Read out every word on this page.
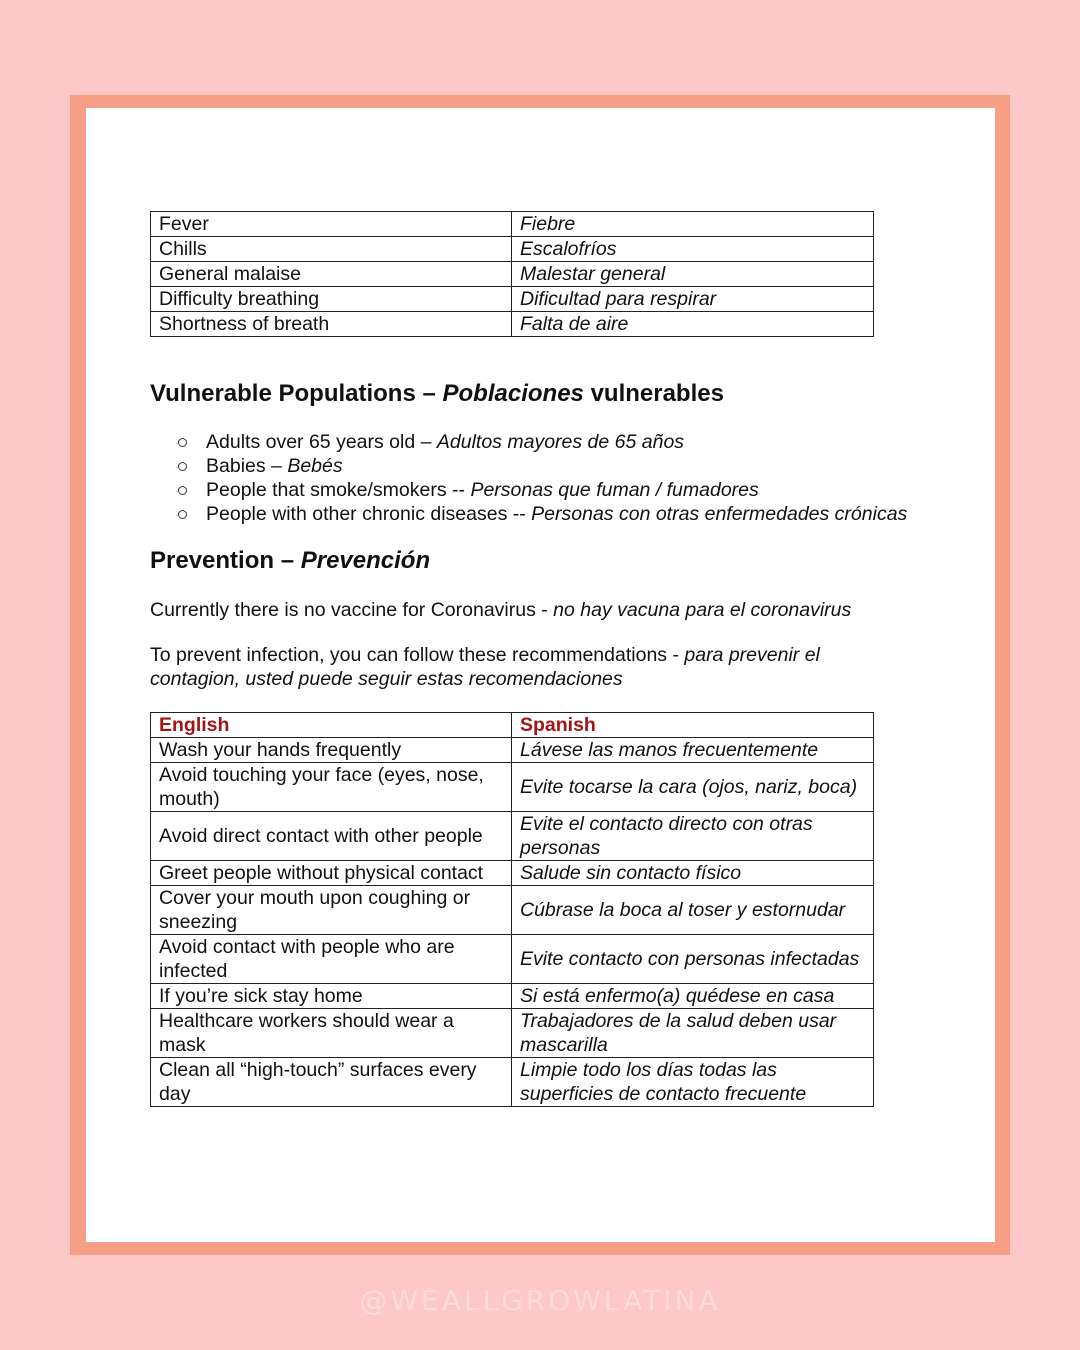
Fever	Fiebre
Chills	Escalofríos
General malaise	Malestar general
Difficulty breathing	Dificultad para respirar
Shortness of breath	Falta de aire
Vulnerable Populations – Poblaciones vulnerables
Adults over 65 years old – Adultos mayores de 65 años
Babies – Bebés
People that smoke/smokers -- Personas que fuman / fumadores
People with other chronic diseases -- Personas con otras enfermedades crónicas
Prevention – Prevención

Currently there is no vaccine for Coronavirus - no hay vacuna para el coronavirus

To prevent infection, you can follow these recommendations - para prevenir el contagion, usted puede seguir estas recomendaciones

English	Spanish
Wash your hands frequently	Lávese las manos frecuentemente
Avoid touching your face (eyes, nose, mouth)	Evite tocarse la cara (ojos, nariz, boca)
Avoid direct contact with other people	Evite el contacto directo con otras personas
Greet people without physical contact	Salude sin contacto físico
Cover your mouth upon coughing or sneezing	Cúbrase la boca al toser y estornudar
Avoid contact with people who are infected	Evite contacto con personas infectadas
If you’re sick stay home	Si está enfermo(a) quédese en casa
Healthcare workers should wear a mask	Trabajadores de la salud deben usar mascarilla
Clean all “high-touch” surfaces every day	Limpie todo los días todas las superficies de contacto frecuente
@WEALLGROWLATINA
